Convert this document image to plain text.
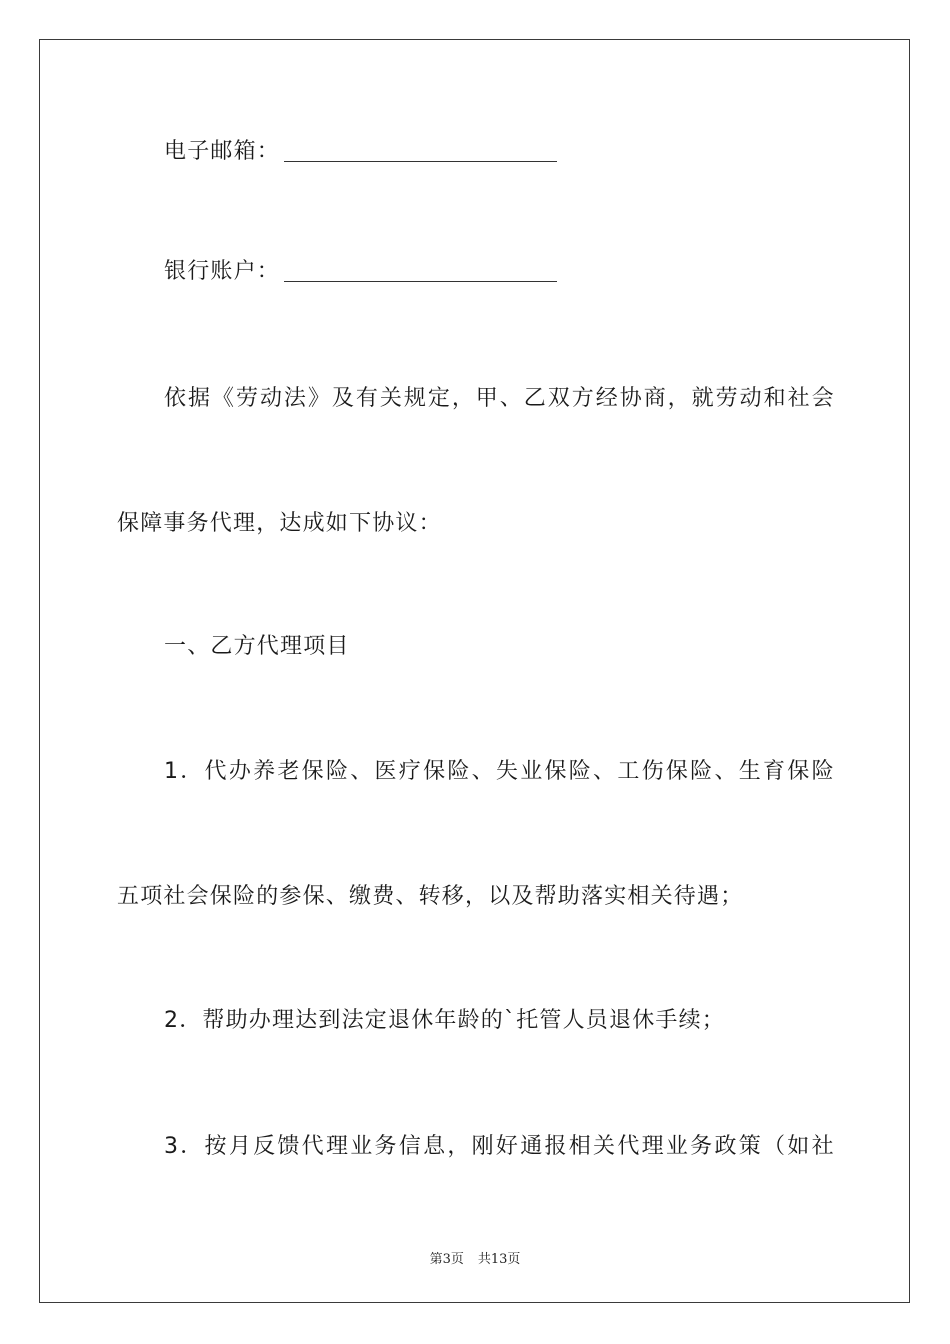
电子邮箱：
银行账户：
依 据 《 劳 动 法 》 及 有 关 规 定 ， 甲 、 乙 双 方 经 协 商 ， 就 劳 动 和 社 会
保障事务代理，达成如下协议：
一、乙方代理项目
1 ． 代 办 养 老 保 险 、 医 疗 保 险 、 失 业 保 险 、 工 伤 保 险 、 生 育 保 险
五项社会保险的参保、缴费、转移，以及帮助落实相关待遇；
2．帮助办理达到法定退休年龄的`托管人员退休手续；
3 ． 按 月 反 馈 代 理 业 务 信 息 ， 刚 好 通 报 相 关 代 理 业 务 政 策 （ 如 社
第3页 共13页
